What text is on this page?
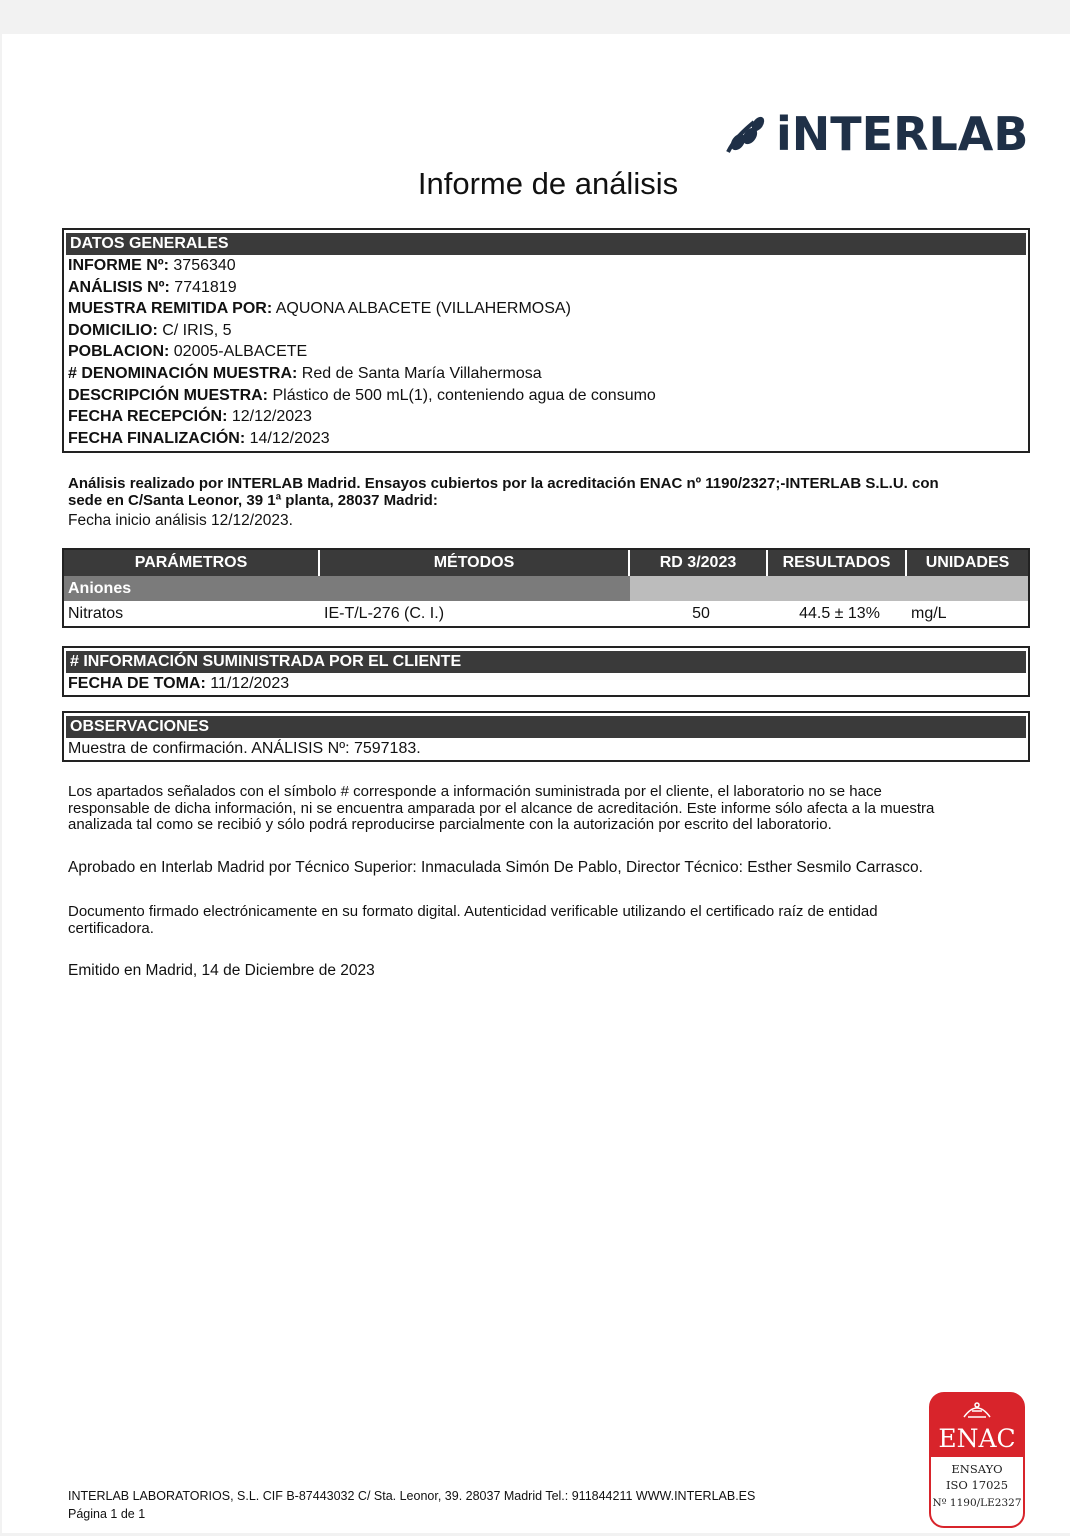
iNTERLAB
Informe de análisis
DATOS GENERALES
INFORME Nº: 3756340
ANÁLISIS Nº: 7741819
MUESTRA REMITIDA POR: AQUONA ALBACETE (VILLAHERMOSA)
DOMICILIO: C/ IRIS, 5
POBLACION: 02005-ALBACETE
# DENOMINACIÓN MUESTRA: Red de Santa María Villahermosa
DESCRIPCIÓN MUESTRA: Plástico de 500 mL(1), conteniendo agua de consumo
FECHA RECEPCIÓN: 12/12/2023
FECHA FINALIZACIÓN: 14/12/2023
Análisis realizado por INTERLAB Madrid. Ensayos cubiertos por la acreditación ENAC nº 1190/2327;-INTERLAB S.L.U. con
sede en C/Santa Leonor, 39 1ª planta, 28037 Madrid:
Fecha inicio análisis 12/12/2023.
PARÁMETROS	MÉTODOS	RD 3/2023	RESULTADOS	UNIDADES
Aniones				
Nitratos	IE-T/L-276 (C. I.)	50	44.5 ± 13%	mg/L
# INFORMACIÓN SUMINISTRADA POR EL CLIENTE
FECHA DE TOMA: 11/12/2023
OBSERVACIONES
Muestra de confirmación. ANÁLISIS Nº: 7597183.
Los apartados señalados con el símbolo # corresponde a información suministrada por el cliente, el laboratorio no se hace
responsable de dicha información, ni se encuentra amparada por el alcance de acreditación. Este informe sólo afecta a la muestra
analizada tal como se recibió y sólo podrá reproducirse parcialmente con la autorización por escrito del laboratorio.
Aprobado en Interlab Madrid por Técnico Superior: Inmaculada Simón De Pablo, Director Técnico: Esther Sesmilo Carrasco.
Documento firmado electrónicamente en su formato digital. Autenticidad verificable utilizando el certificado raíz de entidad
certificadora.
Emitido en Madrid, 14 de Diciembre de 2023
INTERLAB LABORATORIOS, S.L. CIF B-87443032 C/ Sta. Leonor, 39. 28037 Madrid Tel.: 911844211 WWW.INTERLAB.ES
Página 1 de 1
ENAC
ENSAYO
ISO 17025
Nº 1190/LE2327
